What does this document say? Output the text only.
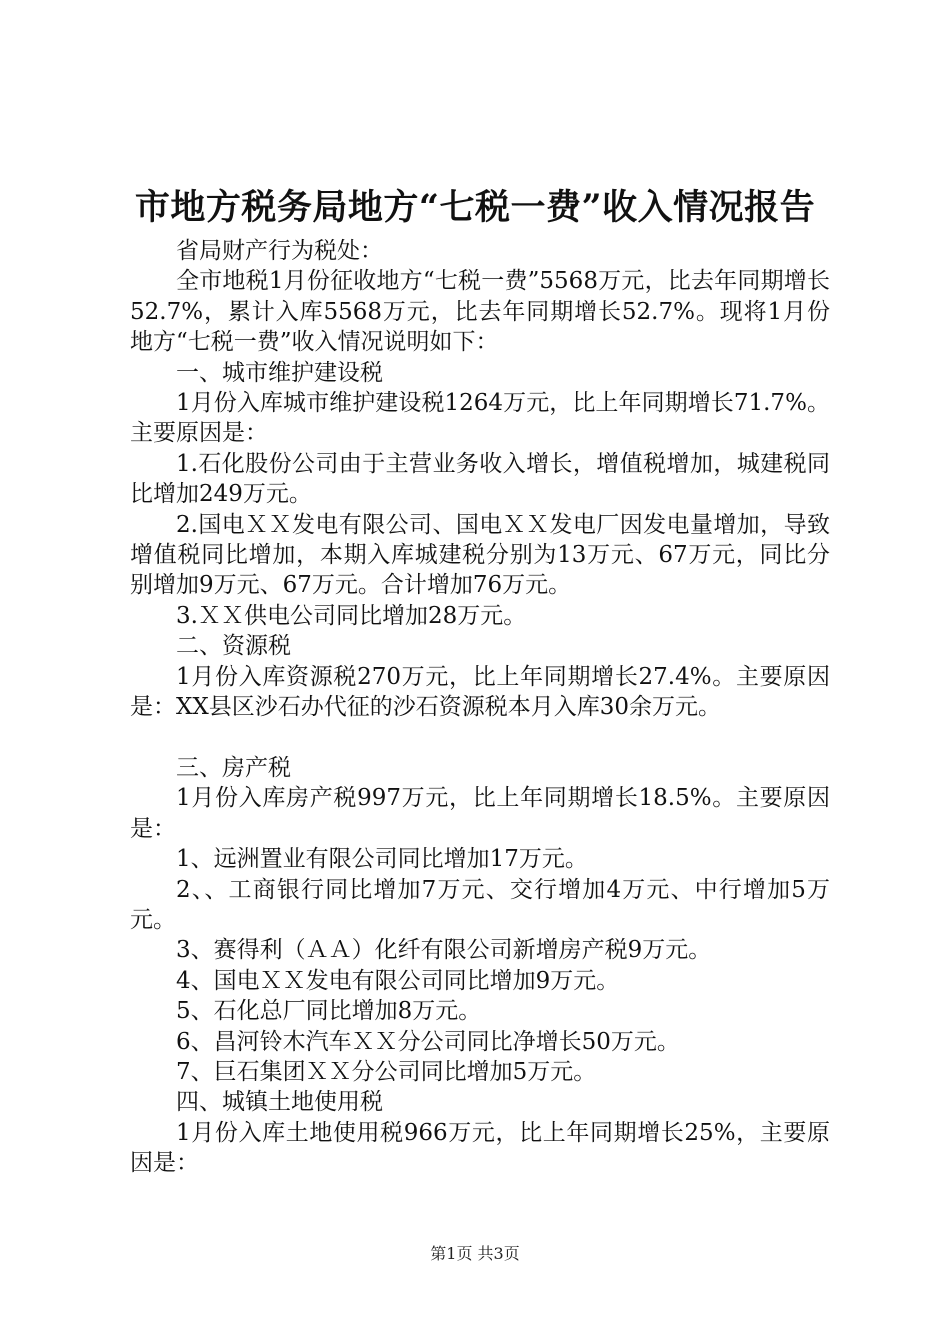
市地方税务局地方“七税一费”收入情况报告

省局财产行为税处：

全市地税1月份征收地方“七税一费”5568万元，比去年同期增长52.7%，累计入库5568万元，比去年同期增长52.7%。现将1月份地方“七税一费”收入情况说明如下：

一、城市维护建设税

1月份入库城市维护建设税1264万元，比上年同期增长71.7%。主要原因是：

1.石化股份公司由于主营业务收入增长，增值税增加，城建税同比增加249万元。

2.国电ＸＸ发电有限公司、国电ＸＸ发电厂因发电量增加，导致增值税同比增加，本期入库城建税分别为13万元、67万元，同比分别增加9万元、67万元。合计增加76万元。

3.ＸＸ供电公司同比增加28万元。

二、资源税

1月份入库资源税270万元，比上年同期增长27.4%。主要原因是：XX县区沙石办代征的沙石资源税本月入库30余万元。

三、房产税

1月份入库房产税997万元，比上年同期增长18.5%。主要原因是：

1、远洲置业有限公司同比增加17万元。

2、、工商银行同比增加7万元、交行增加4万元、中行增加5万元。

3、赛得利（ＡＡ）化纤有限公司新增房产税9万元。

4、国电ＸＸ发电有限公司同比增加9万元。

5、石化总厂同比增加8万元。

6、昌河铃木汽车ＸＸ分公司同比净增长50万元。

7、巨石集团ＸＸ分公司同比增加5万元。

四、城镇土地使用税

1月份入库土地使用税966万元，比上年同期增长25%，主要原因是：

第1页 共3页
